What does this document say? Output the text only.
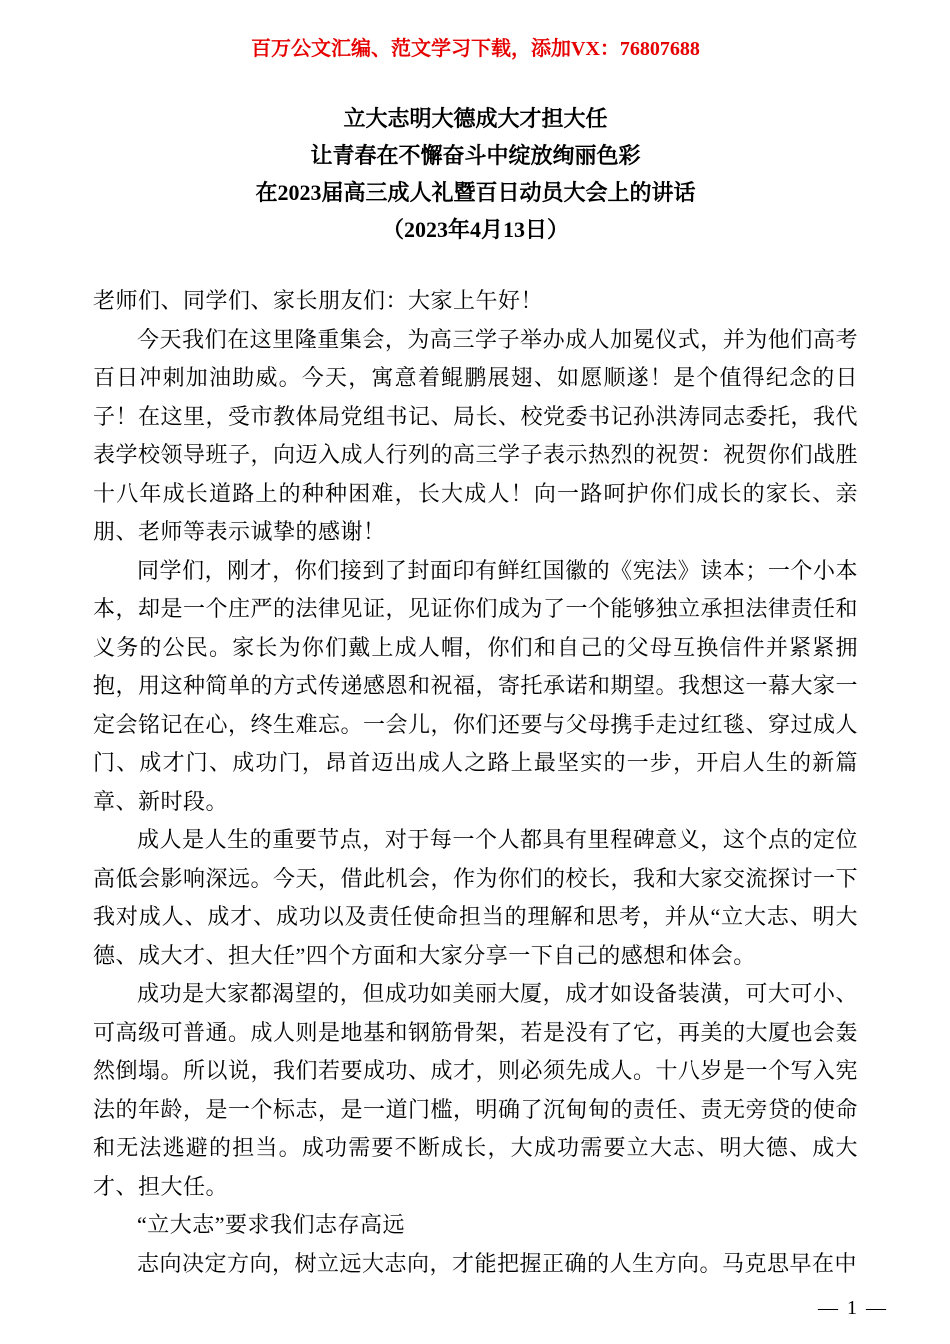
百万公文汇编、范文学习下载，添加VX：76807688
立大志明大德成大才担大任
让青春在不懈奋斗中绽放绚丽色彩
在2023届高三成人礼暨百日动员大会上的讲话
（2023年4月13日）

老师们、同学们、家长朋友们：大家上午好！

今天我们在这里隆重集会，为高三学子举办成人加冕仪式，并为他们高考百日冲刺加油助威。今天，寓意着鲲鹏展翅、如愿顺遂！是个值得纪念的日子！在这里，受市教体局党组书记、局长、校党委书记孙洪涛同志委托，我代表学校领导班子，向迈入成人行列的高三学子表示热烈的祝贺：祝贺你们战胜十八年成长道路上的种种困难，长大成人！向一路呵护你们成长的家长、亲朋、老师等表示诚挚的感谢！

同学们，刚才，你们接到了封面印有鲜红国徽的《宪法》读本；一个小本本，却是一个庄严的法律见证，见证你们成为了一个能够独立承担法律责任和义务的公民。家长为你们戴上成人帽，你们和自己的父母互换信件并紧紧拥抱，用这种简单的方式传递感恩和祝福，寄托承诺和期望。我想这一幕大家一定会铭记在心，终生难忘。一会儿，你们还要与父母携手走过红毯、穿过成人门、成才门、成功门，昂首迈出成人之路上最坚实的一步，开启人生的新篇章、新时段。

成人是人生的重要节点，对于每一个人都具有里程碑意义，这个点的定位高低会影响深远。今天，借此机会，作为你们的校长，我和大家交流探讨一下我对成人、成才、成功以及责任使命担当的理解和思考，并从“立大志、明大德、成大才、担大任”四个方面和大家分享一下自己的感想和体会。

成功是大家都渴望的，但成功如美丽大厦，成才如设备装潢，可大可小、可高级可普通。成人则是地基和钢筋骨架，若是没有了它，再美的大厦也会轰然倒塌。所以说，我们若要成功、成才，则必须先成人。十八岁是一个写入宪法的年龄，是一个标志，是一道门槛，明确了沉甸甸的责任、责无旁贷的使命和无法逃避的担当。成功需要不断成长，大成功需要立大志、明大德、成大才、担大任。

“立大志”要求我们志存高远

志向决定方向，树立远大志向，才能把握正确的人生方向。马克思早在中

— 1 —
